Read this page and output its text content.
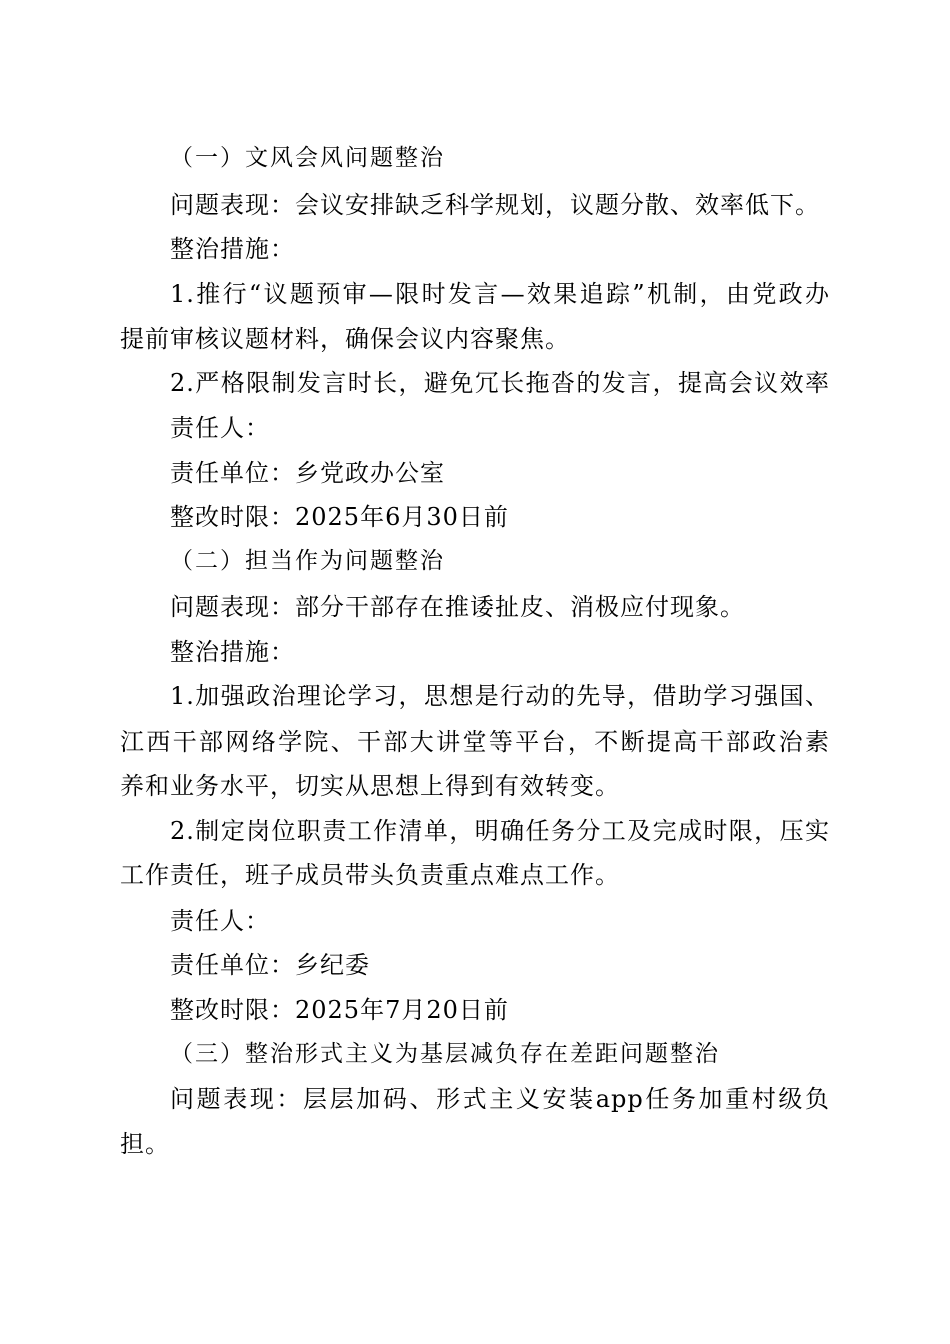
（一）文风会风问题整治
问题表现：会议安排缺乏科学规划，议题分散、效率低下。
整治措施：
1.推行“议题预审—限时发言—效果追踪”机制，由党政办
提前审核议题材料，确保会议内容聚焦。
2.严格限制发言时长，避免冗长拖沓的发言，提高会议效率
责任人：
责任单位：乡党政办公室
整改时限：2025年6月30日前
（二）担当作为问题整治
问题表现：部分干部存在推诿扯皮、消极应付现象。
整治措施：
1.加强政治理论学习，思想是行动的先导，借助学习强国、
江西干部网络学院、干部大讲堂等平台，不断提高干部政治素
养和业务水平，切实从思想上得到有效转变。
2.制定岗位职责工作清单，明确任务分工及完成时限，压实
工作责任，班子成员带头负责重点难点工作。
责任人：
责任单位：乡纪委
整改时限：2025年7月20日前
（三）整治形式主义为基层减负存在差距问题整治
问题表现：层层加码、形式主义安装app任务加重村级负
担。
